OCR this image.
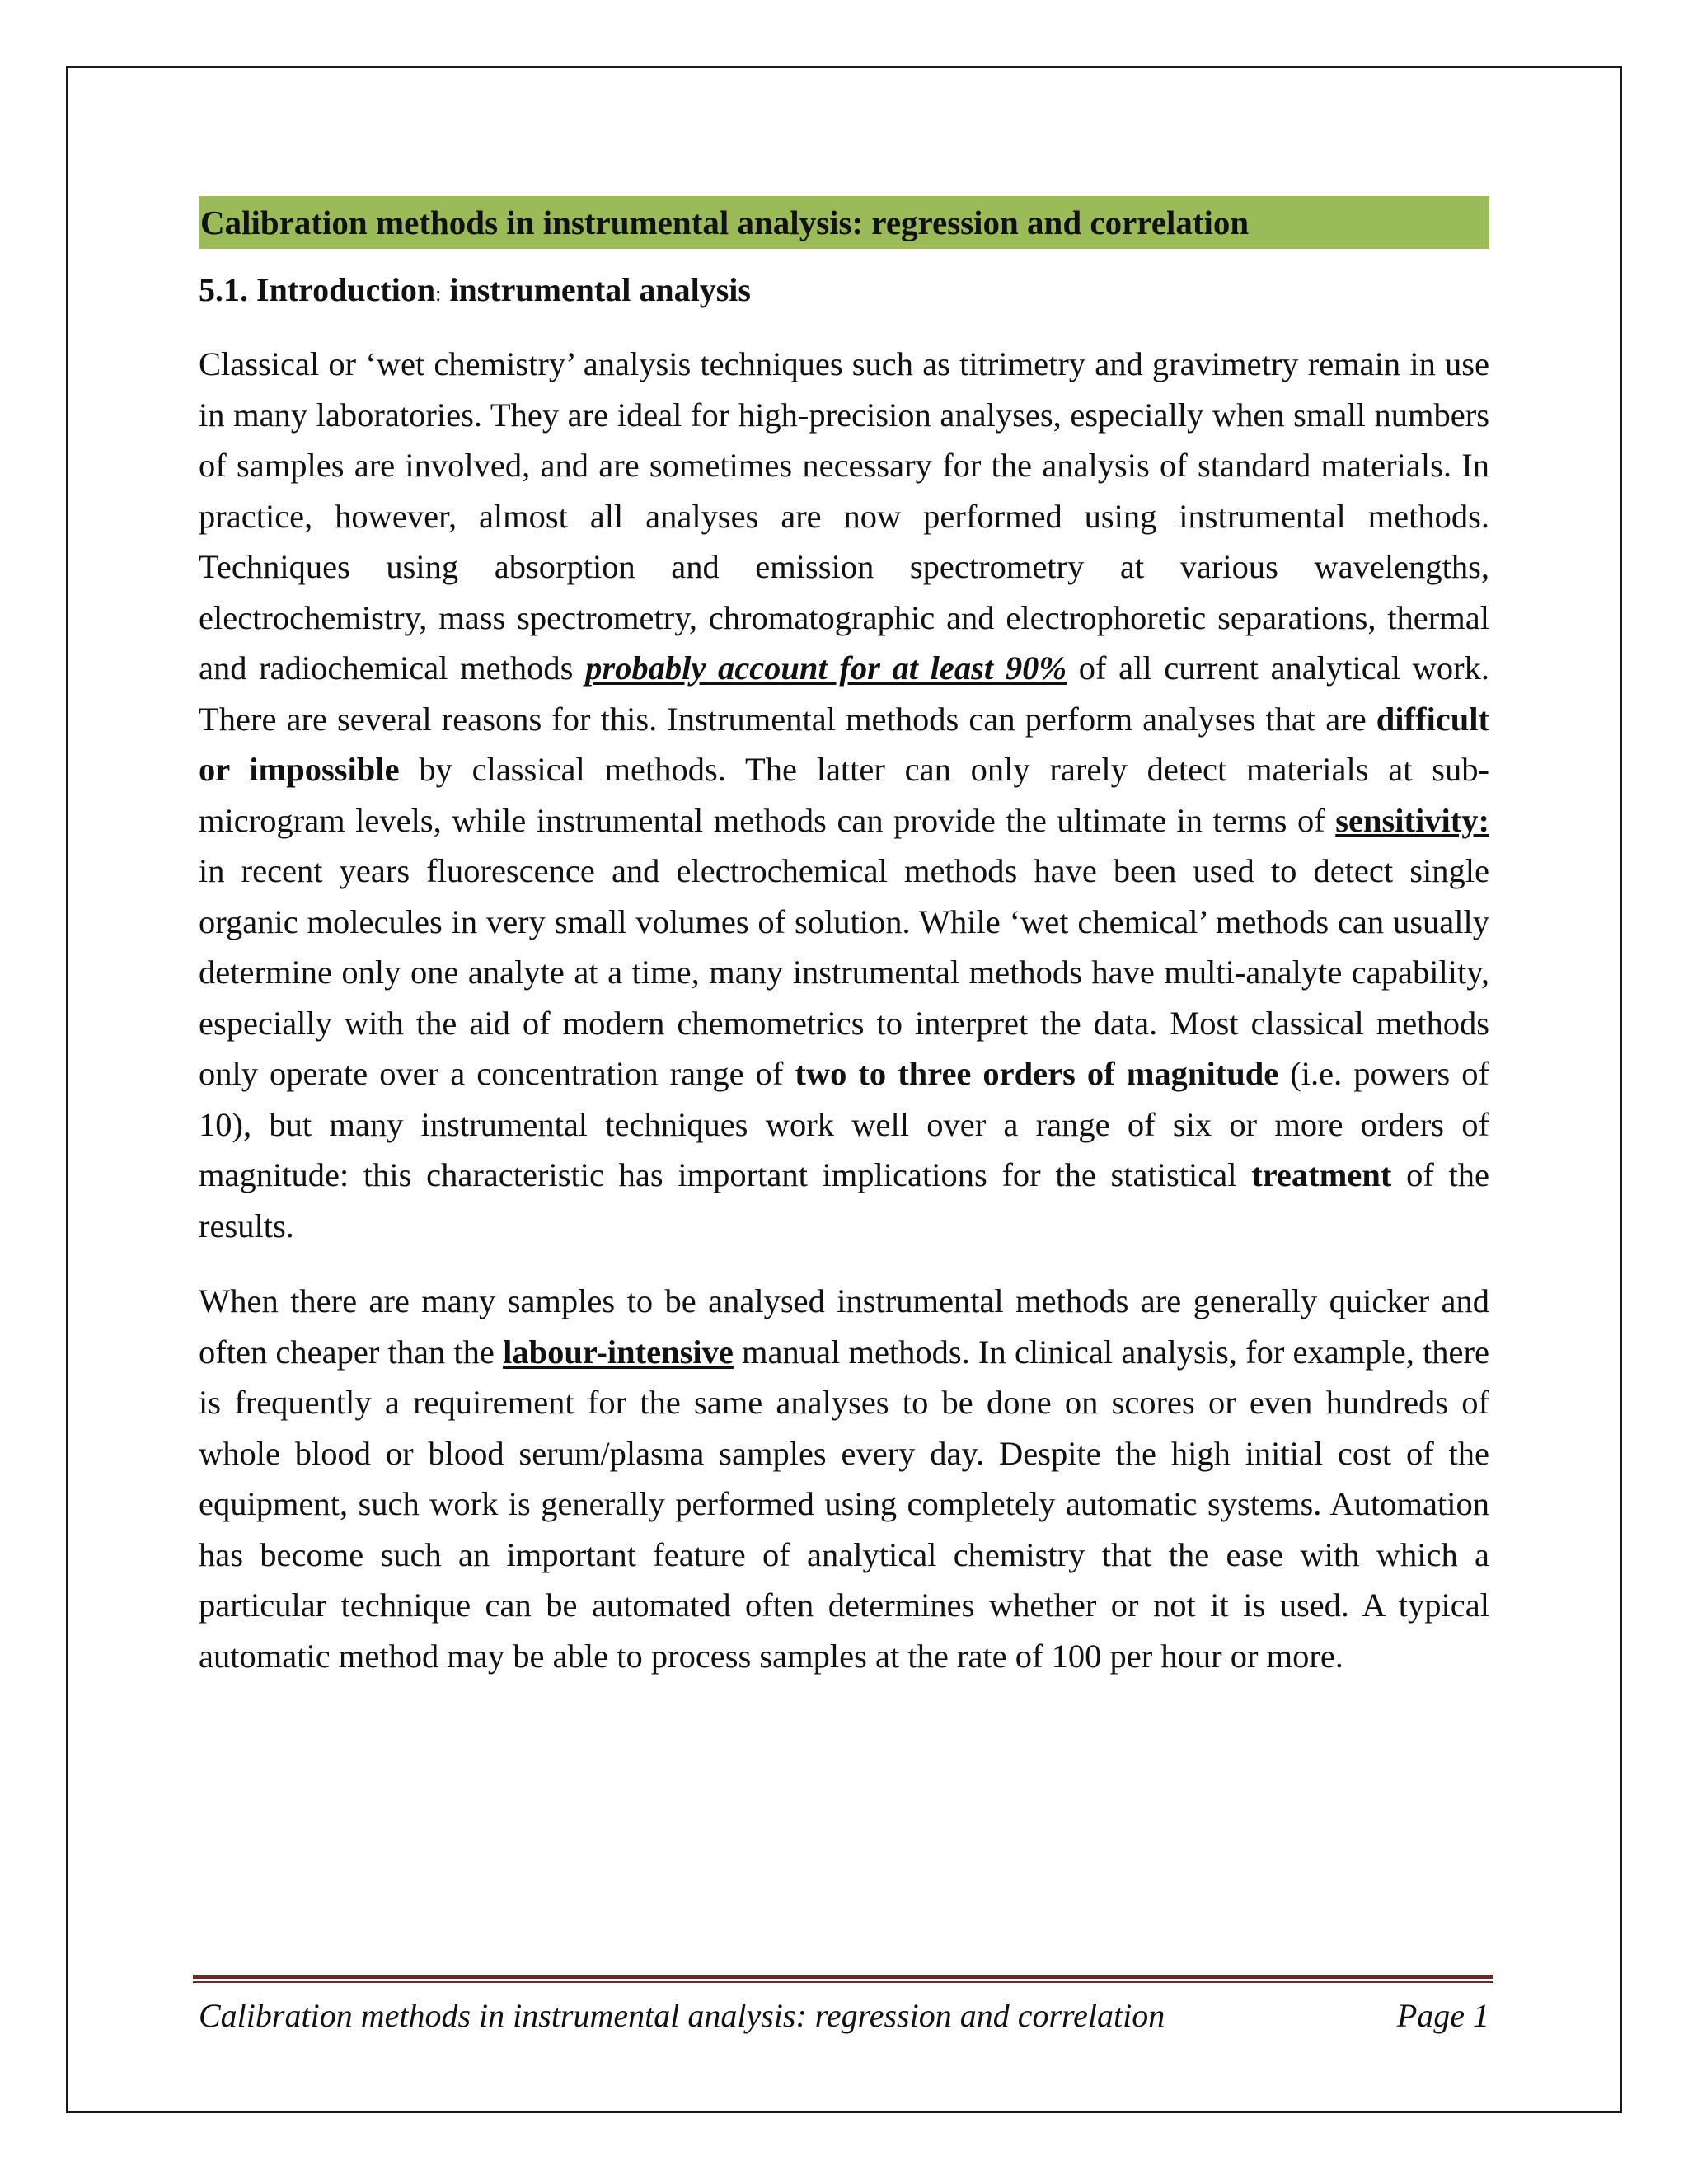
Calibration methods in instrumental analysis: regression and correlation
5.1. Introduction: instrumental analysis
Classical or ‘wet chemistry’ analysis techniques such as titrimetry and gravimetry remain in use in many laboratories. They are ideal for high-precision analyses, especially when small numbers of samples are involved, and are sometimes necessary for the analysis of standard materials. In practice, however, almost all analyses are now performed using instrumental methods. Techniques using absorption and emission spectrometry at various wavelengths, electrochemistry, mass spectrometry, chromatographic and electrophoretic separations, thermal and radiochemical methods probably account for at least 90% of all current analytical work. There are several reasons for this. Instrumental methods can perform analyses that are difficult or impossible by classical methods. The latter can only rarely detect materials at sub-microgram levels, while instrumental methods can provide the ultimate in terms of sensitivity: in recent years fluorescence and electrochemical methods have been used to detect single organic molecules in very small volumes of solution. While ‘wet chemical’ methods can usually determine only one analyte at a time, many instrumental methods have multi-analyte capability, especially with the aid of modern chemometrics to interpret the data. Most classical methods only operate over a concentration range of two to three orders of magnitude (i.e. powers of 10), but many instrumental techniques work well over a range of six or more orders of magnitude: this characteristic has important implications for the statistical treatment of the results.
When there are many samples to be analysed instrumental methods are generally quicker and often cheaper than the labour-intensive manual methods. In clinical analysis, for example, there is frequently a requirement for the same analyses to be done on scores or even hundreds of whole blood or blood serum/plasma samples every day. Despite the high initial cost of the equipment, such work is generally performed using completely automatic systems. Automation has become such an important feature of analytical chemistry that the ease with which a particular technique can be automated often determines whether or not it is used. A typical automatic method may be able to process samples at the rate of 100 per hour or more.
Calibration methods in instrumental analysis: regression and correlation	Page 1
